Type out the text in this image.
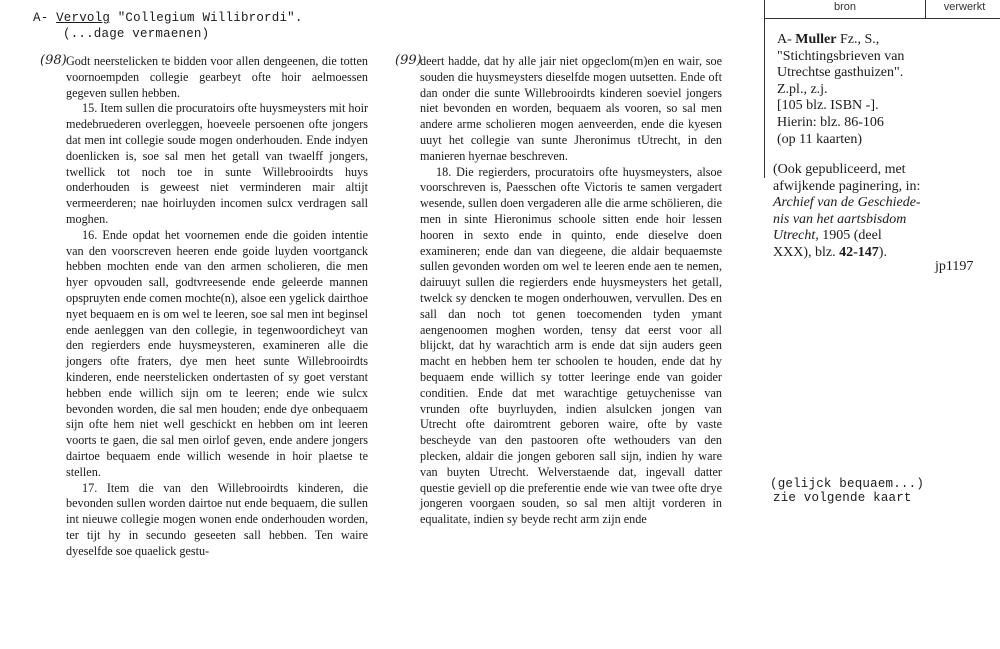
A- Vervolg "Collegium Willibrordi".
(...dage vermaenen)
(98)	(99)

Godt neerstelicken te bidden voor allen dengeenen, die totten voornoempden collegie gearbeyt ofte hoir aelmoessen gegeven sullen hebben.

15. Item sullen die procuratoirs ofte huysmeysters mit hoir medebruederen overleggen, hoeveele persoenen ofte jongers dat men int collegie soude mogen onderhouden. Ende indyen doenlicken is, soe sal men het getall van twaelff jongers, twellick tot noch toe in sunte Willebrooirdts huys onderhouden is geweest niet verminderen mair altijt vermeerderen; nae hoirluyden incomen sulcx verdragen sall moghen.

16. Ende opdat het voornemen ende die goiden intentie van den voorscreven heeren ende goide luyden voortganck hebben mochten ende van den armen scholieren, die men hyer opvouden sall, godtvreesende ende geleerde mannen opspruyten ende comen mochte(n), alsoe een ygelick dairthoe nyet bequaem en is om wel te leeren, soe sal men int beginsel ende aenleggen van den collegie, in tegenwoordicheyt van den regierders ende huysmeysteren, examineren alle die jongers ofte fraters, dye men heet sunte Willebrooirdts kinderen, ende neerstelicken ondertasten of sy goet verstant hebben ende willich sijn om te leeren; ende wie sulcx bevonden worden, die sal men houden; ende dye onbequaem sijn ofte hem niet well geschickt en hebben om int leeren voorts te gaen, die sal men oirlof geven, ende andere jongers dairtoe bequaem ende willich wesende in hoir plaetse te stellen.

17. Item die van den Willebrooirdts kinderen, die bevonden sullen worden dairtoe nut ende bequaem, die sullen int nieuwe collegie mogen wonen ende onderhouden worden, ter tijt hy in secundo geseeten sall hebben. Ten waire dyeselfde soe quaelick gestu-

deert hadde, dat hy alle jair niet opgeclom(m)en en wair, soe souden die huysmeysters dieselfde mogen uutsetten. Ende oft dan onder die sunte Willebrooirdts kinderen soeviel jongers niet bevonden en worden, bequaem als vooren, so sal men andere arme scholieren mogen aenveerden, ende die kyesen uuyt het collegie van sunte Jheronimus tUtrecht, in den manieren hyernae beschreven.

18. Die regierders, procuratoirs ofte huysmeysters, alsoe voorschreven is, Paesschen ofte Victoris te samen vergadert wesende, sullen doen vergaderen alle die arme schölieren, die men in sinte Hieronimus schoole sitten ende hoir lessen hooren in sexto ende in quinto, ende dieselve doen examineren; ende dan van diegeene, die aldair bequaemste sullen gevonden worden om wel te leeren ende aen te nemen, dairuuyt sullen die regierders ende huysmeysters het getall, twelck sy dencken te mogen onderhouwen, vervullen. Des en sall dan noch tot genen toecomenden tyden ymant aengenoomen moghen worden, tensy dat eerst voor all blijckt, dat hy warachtich arm is ende dat sijn auders geen macht en hebben hem ter schoolen te houden, ende dat hy bequaem ende willich sy totter leeringe ende van goider conditien. Ende dat met warachtige getuychenisse van vrunden ofte buyrluyden, indien alsulcken jongen van Utrecht ofte dairomtrent geboren waire, ofte by vaste bescheyde van den pastooren ofte wethouders van den plecken, aldair die jongen geboren sall sijn, indien hy ware van buyten Utrecht. Welverstaende dat, ingevall datter questie geviell op die preferentie ende wie van twee ofte drye jongeren voorgaen souden, so sal men altijt vorderen in equalitate, indien sy beyde recht arm zijn ende

bron	verwerkt
A- Muller Fz., S.,
"Stichtingsbrieven van
Utrechtse gasthuizen".
Z.pl., z.j.
[105 blz. ISBN -].
Hierin: blz. 86-106
(op 11 kaarten)
(Ook gepubliceerd, met
afwijkende paginering, in:
Archief van de Geschiede-
nis van het aartsbisdom
Utrecht, 1905 (deel
XXX), blz. 42-147).
jp1197
(gelijck bequaem...)
zie volgende kaart
